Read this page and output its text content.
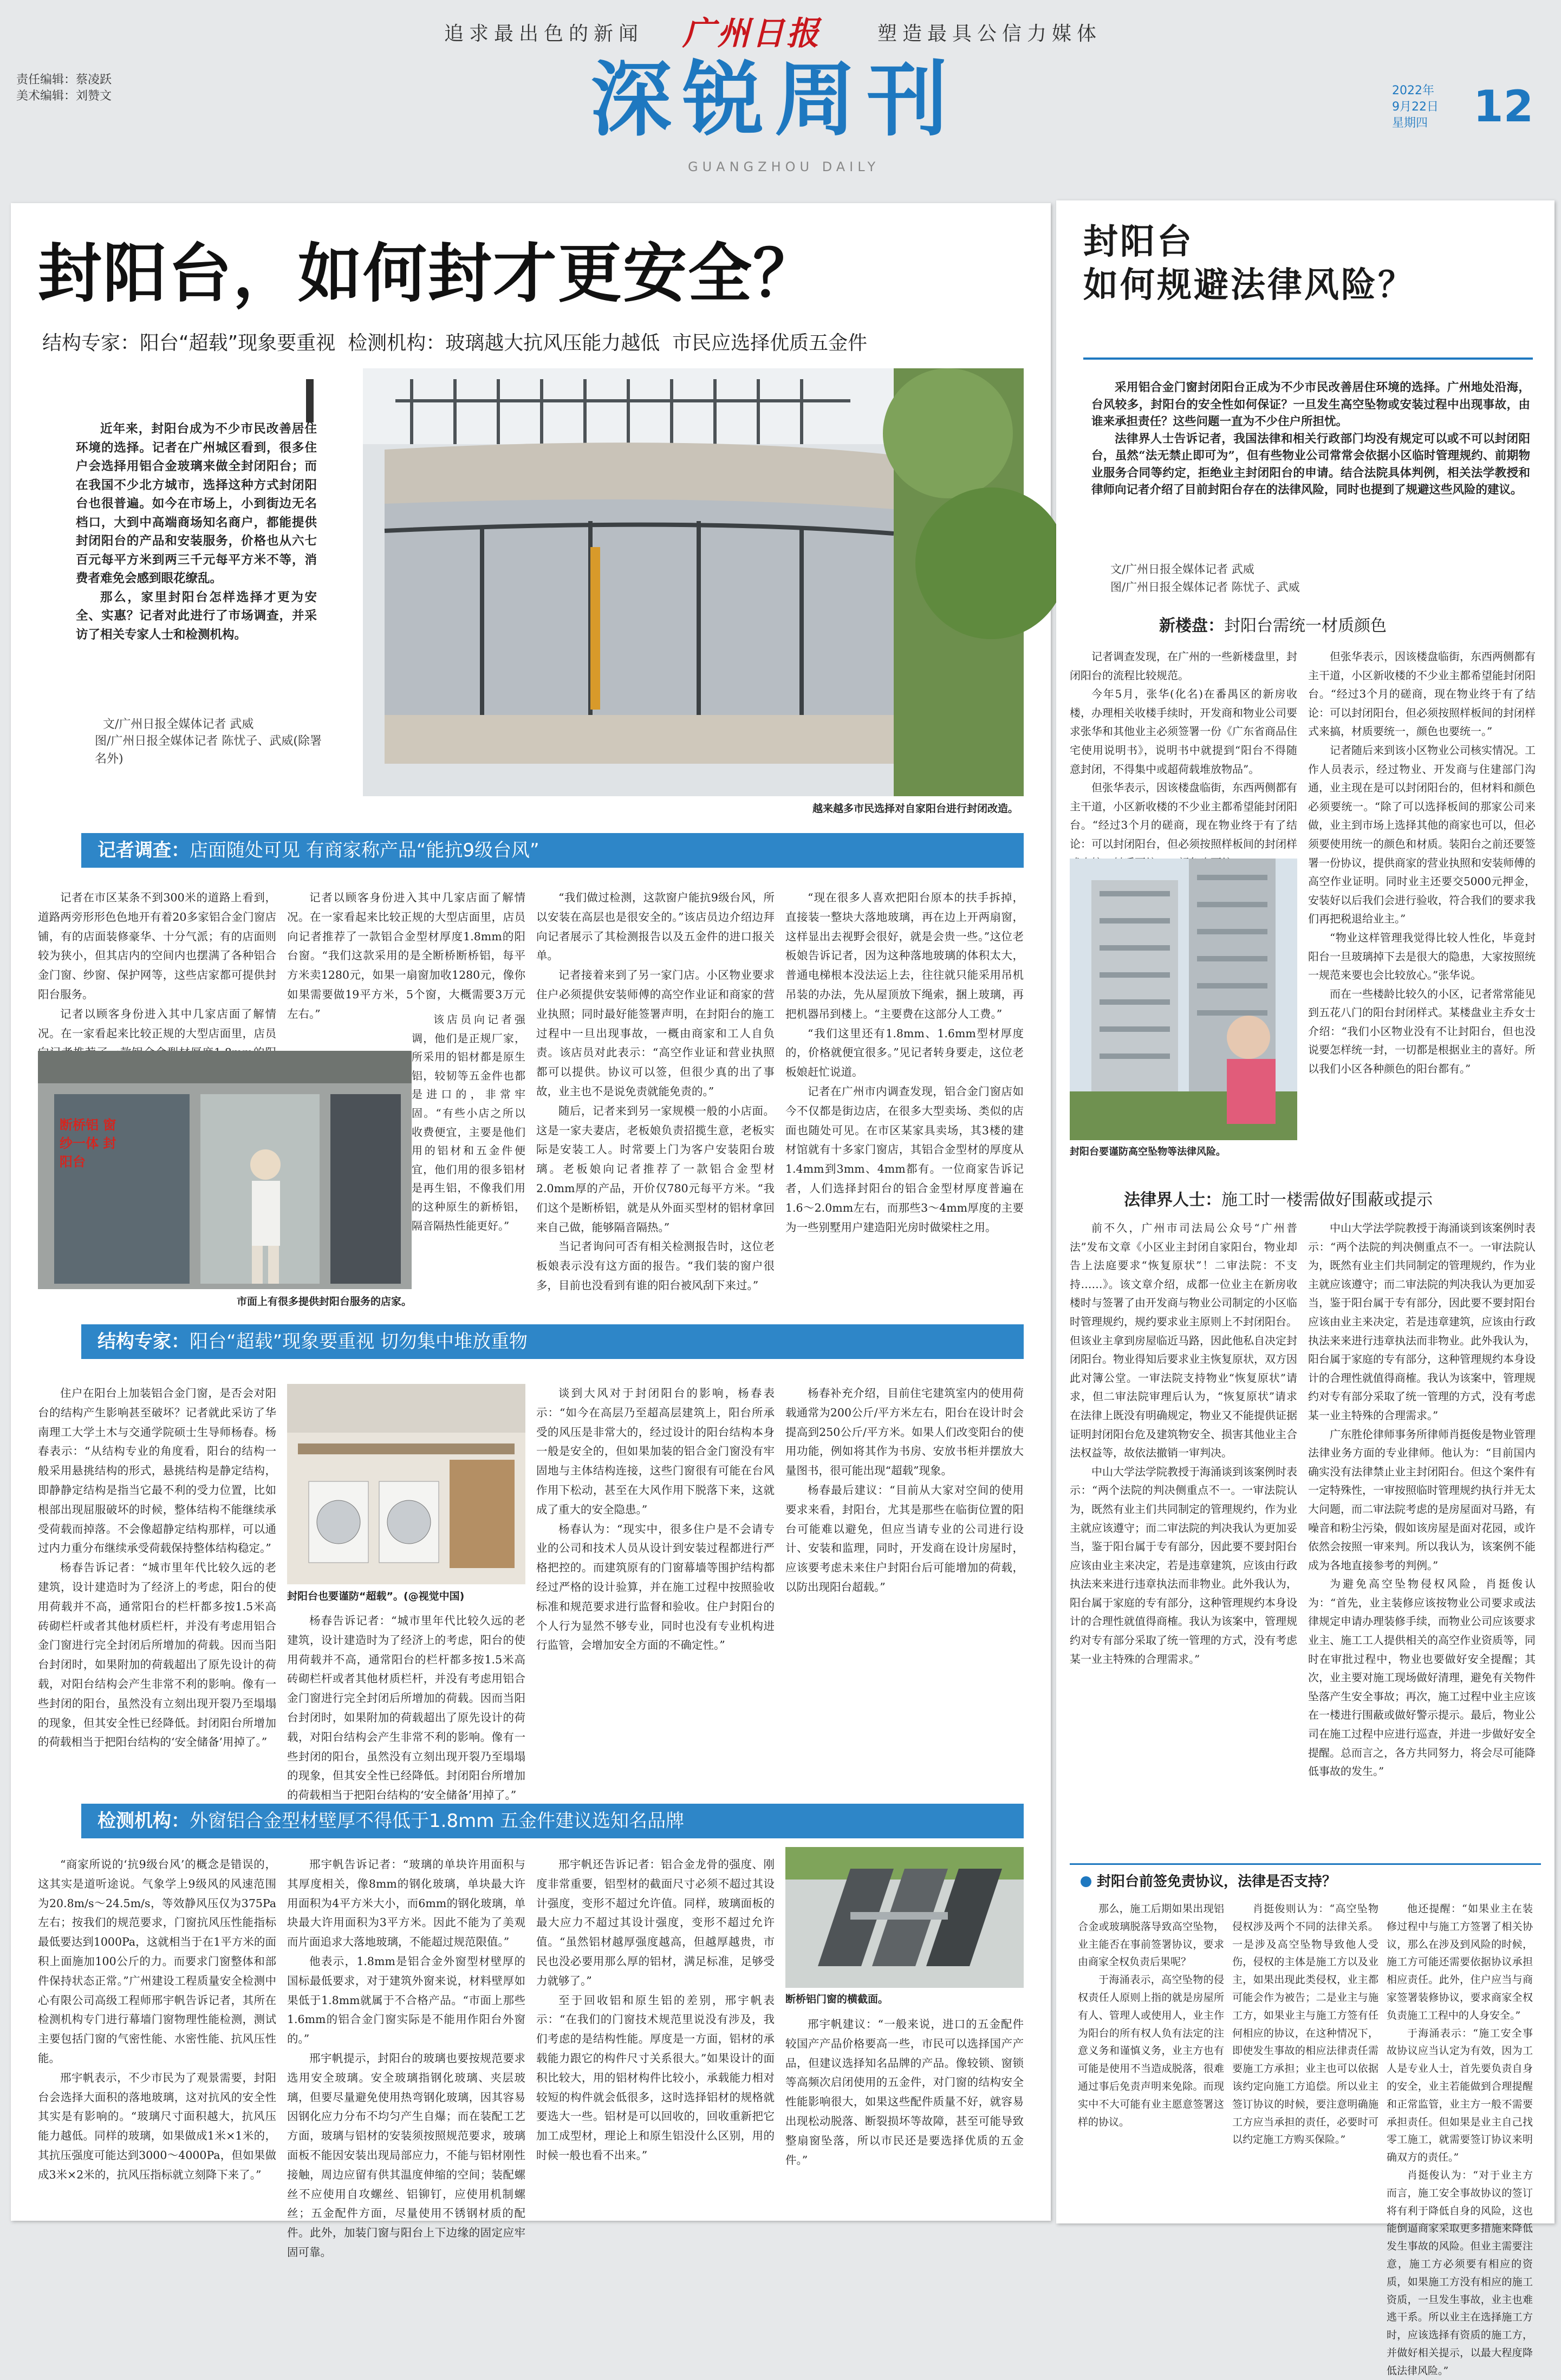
追求最出色的新闻 广州日报	塑造最具公信力媒体
深锐周刊
GUANGZHOU DAILY
责任编辑：蔡凌跃
美术编辑：刘赞文	2022年
9月22日
星期四 12
封阳台，如何封才更安全？
结构专家：阳台“超载”现象要重视  检测机构：玻璃越大抗风压能力越低  市民应选择优质五金件

近年来，封阳台成为不少市民改善居住环境的选择。记者在广州城区看到，很多住户会选择用铝合金玻璃来做全封闭阳台；而在我国不少北方城市，选择这种方式封闭阳台也很普遍。如今在市场上，小到街边无名档口，大到中高端商场知名商户，都能提供封闭阳台的产品和安装服务，价格也从六七百元每平方米到两三千元每平方米不等，消费者难免会感到眼花缭乱。

那么，家里封阳台怎样选择才更为安全、实惠？记者对此进行了市场调查，并采访了相关专家人士和检测机构。

文/广州日报全媒体记者 武威
图/广州日报全媒体记者 陈忧子、武威(除署名外)
越来越多市民选择对自家阳台进行封闭改造。
记者调查：店面随处可见 有商家称产品“能抗9级台风”

记者在市区某条不到300米的道路上看到，道路两旁形形色色地开有着20多家铝合金门窗店铺，有的店面装修豪华、十分气派；有的店面则较为狭小，但其店内的空间内也摆满了各种铝合金门窗、纱窗、保护网等，这些店家都可提供封阳台服务。

记者以顾客身份进入其中几家店面了解情况。在一家看起来比较正规的大型店面里，店员

记者以顾客身份进入其中几家店面了解情况。在一家看起来比较正规的大型店面里，店员向记者推荐了一款铝合金型材厚度1.8mm的阳台窗。“我们这款采用的是全断桥断桥铝，每平方米卖1280元，如果一扇窗加收1280元，像你如果需要做19平方米，5个窗，大概需要3万元左右。”	该店员向记者强调，他们是正规厂家，所采用的铝材都是原生铝，较韧等五金件也都是进口的，非常牢固。“有些小店之所以收费便宜，主要是他们用的铝材和五金件便宜，他们用的很多铝材是再生铝，不像我们用的这种原生的新桥铝，隔音隔热性能更好。”

断桥铝 窗纱一体 封阳台
市面上有很多提供封阳台服务的店家。

“我们做过检测，这款窗户能抗9级台风，所以安装在高层也是很安全的。”该店员边介绍边拜向记者展示了其检测报告以及五金件的进口报关单。

记者接着来到了另一家门店。小区物业要求住户必须提供安装师傅的高空作业证和商家的营业执照；同时最好能签署声明，在封阳台的施工过程中一旦出现事故，一概由商家和工人自负责。该店员对此表示：“高空作业证和营业执照都可以提供。协议可以签，但很少真的出了事故，业主也不是说免责就能免责的。”

随后，记者来到另一家规模一般的小店面。这是一家夫妻店，老板娘负责招揽生意，老板实际是安装工人。时常要上门为客户安装阳台玻璃。老板娘向记者推荐了一款铝合金型材2.0mm厚的产品，开价仅780元每平方米。“我们这个是断桥铝，就是从外面买型材的铝材拿回来自己做，能够隔音隔热。”

当记者询问可否有相关检测报告时，这位老板娘表示没有这方面的报告。“我们装的窗户很多，目前也没看到有谁的阳台被风刮下来过。”

“现在很多人喜欢把阳台原本的扶手拆掉，直接装一整块大落地玻璃，再在边上开两扇窗，这样显出去视野会很好，就是会贵一些。”这位老板娘告诉记者，因为这种落地玻璃的体积太大，普通电梯根本没法运上去，往往就只能采用吊机吊装的办法，先从屋顶放下绳索，捆上玻璃，再把机器吊到楼上。“主要费在这部分人工费。”

“我们这里还有1.8mm、1.6mm型材厚度的，价格就便宜很多。”见记者转身要走，这位老板娘赶忙说道。

记者在广州市内调查发现，铝合金门窗店如今不仅都是街边店，在很多大型卖场、类似的店面也随处可见。在市区某家具卖场，其3楼的建材馆就有十多家门窗店，其铝合金型材的厚度从1.4mm到3mm、4mm都有。一位商家告诉记者，人们选择封阳台的铝合金型材厚度普遍在1.6～2.0mm左右，而那些3～4mm厚度的主要为一些别墅用户建造阳光房时做梁柱之用。

结构专家：阳台“超载”现象要重视 切勿集中堆放重物

住户在阳台上加装铝合金门窗，是否会对阳台的结构产生影响甚至破坏？记者就此采访了华南理工大学土木与交通学院硕士生导师杨春。杨春表示：“从结构专业的角度看，阳台的结构一般采用悬挑结构的形式，悬挑结构是静定结构，即静静定结构是指当它最不利的受力位置，比如根部出现屈服破坏的时候，整体结构不能继续承受荷载而掉落。不会像超静定结构那样，可以通过内力重分布继续承受荷载保持整体结构稳定。”

杨春告诉记者：“城市里年代比较久远的老建筑，设计建造时为了经济上的考虑，阳台的使用荷载并不高，通常阳台的栏杆都多按1.5米高砖砌栏杆或者其他材质栏杆，并没有考虑用铝合金门窗进行完全封闭后所增加的荷载。因而当阳台封闭时，如果附加的荷载超出了原先设计的荷载，对阳台结构会产生非常不利的影响。像有一些封闭的阳台，虽然没有立刻出现开裂乃至塌塌的现象，但其安全性已经降低。封闭阳台所增加的荷载相当于把阳台结构的‘安全储备’用掉了。”

封阳台也要谨防“超载”。(@视觉中国)

杨春告诉记者：“城市里年代比较久远的老建筑，设计建造时为了经济上的考虑，阳台的使用荷载并不高，通常阳台的栏杆都多按1.5米高砖砌栏杆或者其他材质栏杆，并没有考虑用铝合金门窗进行完全封闭后所增加的荷载。因而当阳台封闭时，如果附加的荷载超出了原先设计的荷载，对阳台结构会产生非常不利的影响。像有一些封闭的阳台，虽然没有立刻出现开裂乃至塌塌的现象，但其安全性已经降低。封闭阳台所增加的荷载相当于把阳台结构的‘安全储备’用掉了。”

谈到大风对于封闭阳台的影响，杨春表示：“如今在高层乃至超高层建筑上，阳台所承受的风压是非常大的，经过设计的阳台结构本身一般是安全的，但如果加装的铝合金门窗没有牢固地与主体结构连接，这些门窗很有可能在台风作用下松动，甚至在大风作用下脱落下来，这就成了重大的安全隐患。”

杨春认为：“现实中，很多住户是不会请专业的公司和技术人员从设计到安装过程都进行严格把控的。而建筑原有的门窗幕墙等围护结构都经过严格的设计验算，并在施工过程中按照验收标准和规范要求进行监督和验收。住户封阳台的个人行为显然不够专业，同时也没有专业机构进行监管，会增加安全方面的不确定性。”

杨春补充介绍，目前住宅建筑室内的使用荷载通常为200公斤/平方米左右，阳台在设计时会提高到250公斤/平方米。如果人们改变阳台的使用功能，例如将其作为书房、安放书柜并摆放大量图书，很可能出现“超载”现象。

杨春最后建议：“目前从大家对空间的使用要求来看，封阳台，尤其是那些在临街位置的阳台可能难以避免，但应当请专业的公司进行设计、安装和监理，同时，开发商在设计房屋时，应该要考虑未来住户封阳台后可能增加的荷载，以防出现阳台超载。”

检测机构：外窗铝合金型材壁厚不得低于1.8mm 五金件建议选知名品牌

“商家所说的‘抗9级台风’的概念是错误的，这其实是道听途说。气象学上9级风的风速范围为20.8m/s～24.5m/s，等效静风压仅为375Pa左右；按我们的规范要求，门窗抗风压性能指标最低要达到1000Pa，这就相当于在1平方米的面积上面施加100公斤的力。而要求门窗整体和部件保持状态正常。”广州建设工程质量安全检测中心有限公司高级工程师邢宇帆告诉记者，其所在检测机构专门进行幕墙门窗物理性能检测，测试主要包括门窗的气密性能、水密性能、抗风压性能。

邢宇帆表示，不少市民为了观景需要，封阳台会选择大面积的落地玻璃，这对抗风的安全性其实是有影响的。“玻璃尺寸面积越大，抗风压能力越低。同样的玻璃，如果做成1米×1米的，其抗压强度可能达到3000～4000Pa，但如果做成3米×2米的，抗风压指标就立刻降下来了。”

邢宇帆告诉记者：“玻璃的单块许用面积与其厚度相关，像8mm的钢化玻璃，单块最大许用面积为4平方米大小，而6mm的钢化玻璃，单块最大许用面积为3平方米。因此不能为了美观而片面追求大落地玻璃，不能超过规范限值。”

他表示，1.8mm是铝合金外窗型材壁厚的国标最低要求，对于建筑外窗来说，材料壁厚如果低于1.8mm就属于不合格产品。“市面上那些1.6mm的铝合金门窗实际是不能用作阳台外窗的。”

邢宇帆提示，封阳台的玻璃也要按规范要求选用安全玻璃。安全玻璃指钢化玻璃、夹层玻璃，但要尽量避免使用热弯钢化玻璃，因其容易因钢化应力分布不均匀产生自爆；而在装配工艺方面，玻璃与铝材的安装须按照规范要求，玻璃面板不能因安装出现局部应力，不能与铝材刚性接触，周边应留有供其温度伸缩的空间；装配螺丝不应使用自攻螺丝、铝铆钉，应使用机制螺丝；五金配件方面，尽量使用不锈钢材质的配件。此外，加装门窗与阳台上下边缘的固定应牢固可靠。

邢宇帆还告诉记者：铝合金龙骨的强度、刚度非常重要，铝型材的截面尺寸必须不超过其设计强度，变形不超过允许值。同样，玻璃面板的最大应力不超过其设计强度，变形不超过允许值。“虽然铝材越厚强度越高，但越厚越贵，市民也没必要用那么厚的铝材，满足标准，足够受力就够了。”

至于回收铝和原生铝的差别，邢宇帆表示：“在我们的门窗技术规范里说没有涉及，我们考虑的是结构性能。厚度是一方面，铝材的承载能力跟它的构件尺寸关系很大。”如果设计的面积比较大，用的铝材构件比较小，承载能力相对较短的构件就会低很多，这时选择铝材的规格就要选大一些。铝材是可以回收的，回收重新把它加工成型材，理论上和原生铝没什么区别，用的时候一般也看不出来。”

断桥铝门窗的横截面。

邢宇帆建议：“一般来说，进口的五金配件较国产产品价格要高一些，市民可以选择国产产品，但建议选择知名品牌的产品。像较锁、窗锁等高频次启闭使用的五金件，对门窗的结构安全性能影响很大，如果这些配件质量不好，就容易出现松动脱落、断裂损坏等故障，甚至可能导致整扇窗坠落，所以市民还是要选择优质的五金件。”

封阳台
如何规避法律风险？

采用铝合金门窗封闭阳台正成为不少市民改善居住环境的选择。广州地处沿海，台风较多，封阳台的安全性如何保证？一旦发生高空坠物或安装过程中出现事故，由谁来承担责任？这些问题一直为不少住户所担忧。

法律界人士告诉记者，我国法律和相关行政部门均没有规定可以或不可以封闭阳台，虽然“法无禁止即可为”，但有些物业公司常常会依据小区临时管理规约、前期物业服务合同等约定，拒绝业主封闭阳台的申请。结合法院具体判例，相关法学教授和律师向记者介绍了目前封阳台存在的法律风险，同时也提到了规避这些风险的建议。

文/广州日报全媒体记者 武威
图/广州日报全媒体记者 陈忧子、武威
新楼盘：封阳台需统一材质颜色

记者调查发现，在广州的一些新楼盘里，封闭阳台的流程比较规范。

今年5月，张华(化名)在番禺区的新房收楼，办理相关收楼手续时，开发商和物业公司要求张华和其他业主必须签署一份《广东省商品住宅使用说明书》，说明书中就提到“阳台不得随意封闭，不得集中或超荷载堆放物品”。

但张华表示，因该楼盘临街，东西两侧都有主干道，小区新收楼的不少业主都希望能封闭阳台。“经过3个月的磋商，现在物业终于有了结论：可以封闭阳台，但必须按照样板间的封闭样

封阳台要谨防高空坠物等法律风险。

但张华表示，因该楼盘临街，东西两侧都有主干道，小区新收楼的不少业主都希望能封闭阳台。“经过3个月的磋商，现在物业终于有了结论：可以封闭阳台，但必须按照样板间的封闭样式来搞，材质要统一，颜色也要统一。”

记者随后来到该小区物业公司核实情况。工作人员表示，经过物业、开发商与住建部门沟通，业主现在是可以封闭阳台的，但材料和颜色必须要统一。“除了可以选择板间的那家公司来做，业主到市场上选择其他的商家也可以，但必须要使用统一的颜色和材质。装阳台之前还要签署一份协议，提供商家的营业执照和安装师傅的高空作业证明。同时业主还要交5000元押金，安装好以后我们会进行验收，符合我们的要求我们再把税退给业主。”

“物业这样管理我觉得比较人性化，毕竟封阳台一旦玻璃掉下去是很大的隐患，大家按照统一规范来要也会比较放心。”张华说。

而在一些楼龄比较久的小区，记者常常能见到五花八门的阳台封闭样式。某楼盘业主乔女士介绍：“我们小区物业没有不让封阳台，但也没说要怎样统一封，一切都是根据业主的喜好。所以我们小区各种颜色的阳台都有。”

法律界人士：施工时一楼需做好围蔽或提示

前不久，广州市司法局公众号“广州普法”发布文章《小区业主封闭自家阳台，物业却告上法庭要求“恢复原状”！二审法院：不支持……》。该文章介绍，成都一位业主在新房收楼时与签署了由开发商与物业公司制定的小区临时管理规约，规约要求业主原则上不封闭阳台。但该业主拿到房屋临近马路，因此他私自决定封闭阳台。物业得知后要求业主恢复原状，双方因此对簿公堂。一审法院支持物业“恢复原状”请求，但二审法院审理后认为，“恢复原状”请求在法律上既没有明确规定，物业又不能提供证据证明封闭阳台危及建筑物安全、损害其他业主合法权益等，故依法撤销一审判决。

中山大学法学院教授于海涌谈到该案例时表示：“两个法院的判决侧重点不一。一审法院认为，既然有业主们共同制定的管理规约，作为业主就应该遵守；而二审法院的判决我认为更加妥当，鉴于阳台属于专有部分，因此要不要封阳台应该由业主来决定，若是违章建筑，应该由行政执法来来进行违章执法而非物业。此外我认为，阳台属于家庭的专有部分，这种管理规约本身设计的合理性就值得商榷。我认为该案中，管理规约对专有部分采取了统一管理的方式，没有考虑某一业主特殊的合理需求。”

中山大学法学院教授于海涌谈到该案例时表示：“两个法院的判决侧重点不一。一审法院认为，既然有业主们共同制定的管理规约，作为业主就应该遵守；而二审法院的判决我认为更加妥当，鉴于阳台属于专有部分，因此要不要封阳台应该由业主来决定，若是违章建筑，应该由行政执法来来进行违章执法而非物业。此外我认为，阳台属于家庭的专有部分，这种管理规约本身设计的合理性就值得商榷。我认为该案中，管理规约对专有部分采取了统一管理的方式，没有考虑某一业主特殊的合理需求。”

广东胜伦律师事务所律师肖挺俊是物业管理法律业务方面的专业律师。他认为：“目前国内确实没有法律禁止业主封闭阳台。但这个案件有一定特殊性，一审按照临时管理规约执行并无太大问题，而二审法院考虑的是房屋面对马路，有噪音和粉尘污染，假如该房屋是面对花园，或许依然会按照一审来判。所以我认为，该案例不能成为各地直接参考的判例。”

为避免高空坠物侵权风险，肖挺俊认为：“首先，业主装修应该按物业公司要求或法律规定申请办理装修手续，而物业公司应该要求业主、施工工人提供相关的高空作业资质等，同时在审批过程中，物业也要做好安全提醒；其次，业主要对施工现场做好清理，避免有关物件坠落产生安全事故；再次，施工过程中业主应该在一楼进行围蔽或做好警示提示。最后，物业公司在施工过程中应进行巡查，并进一步做好安全提醒。总而言之，各方共同努力，将会尽可能降低事故的发生。”

封阳台前签免责协议，法律是否支持？

那么，施工后期如果出现铝合金或玻璃脱落导致高空坠物，业主能否在事前签署协议，要求由商家全权负责后果呢？

于海涌表示，高空坠物的侵权责任人原则上指的就是房屋所有人、管理人或使用人，业主作为阳台的所有权人负有法定的注意义务和谨慎义务，业主方也有可能是使用不当造成脱落，很难通过事后免责声明来免除。而现实中不大可能有业主愿意签署这样的协议。

肖挺俊则认为：“高空坠物侵权涉及两个不同的法律关系。一是涉及高空坠物导致他人受伤，侵权的主体是施工方以及业主，如果出现此类侵权，业主都可能会作为被告；二是业主与施工方，如果业主与施工方签有任何相应的协议，在这种情况下，即使发生事故的相应法律责任需要施工方承担；业主也可以依据该约定向施工方追偿。所以业主签订协议的时候，要注意明确施工方应当承担的责任，必要时可以约定施工方购买保险。”

他还提醒：“如果业主在装修过程中与施工方签署了相关协议，那么在涉及到风险的时候，施工方可能还需要依据协议承担相应责任。此外，住户应当与商家签署装修协议，要求商家全权负责施工工程中的人身安全。”

于海涌表示：“施工安全事故协议应当认定为有效，因为工人是专业人士，首先要负责自身的安全，业主若能做到合理提醒和正常监管，业主方一般不需要承担责任。但如果是业主自己找零工施工，就需要签订协议来明确双方的责任。”

肖挺俊认为：“对于业主方而言，施工安全事故协议的签订将有利于降低自身的风险，这也能倒逼商家采取更多措施来降低发生事故的风险。但业主需要注意，施工方必须要有相应的资质，如果施工方没有相应的施工资质，一旦发生事故，业主也难逃干系。所以业主在选择施工方时，应该选择有资质的施工方，并做好相关提示，以最大程度降低法律风险。”
